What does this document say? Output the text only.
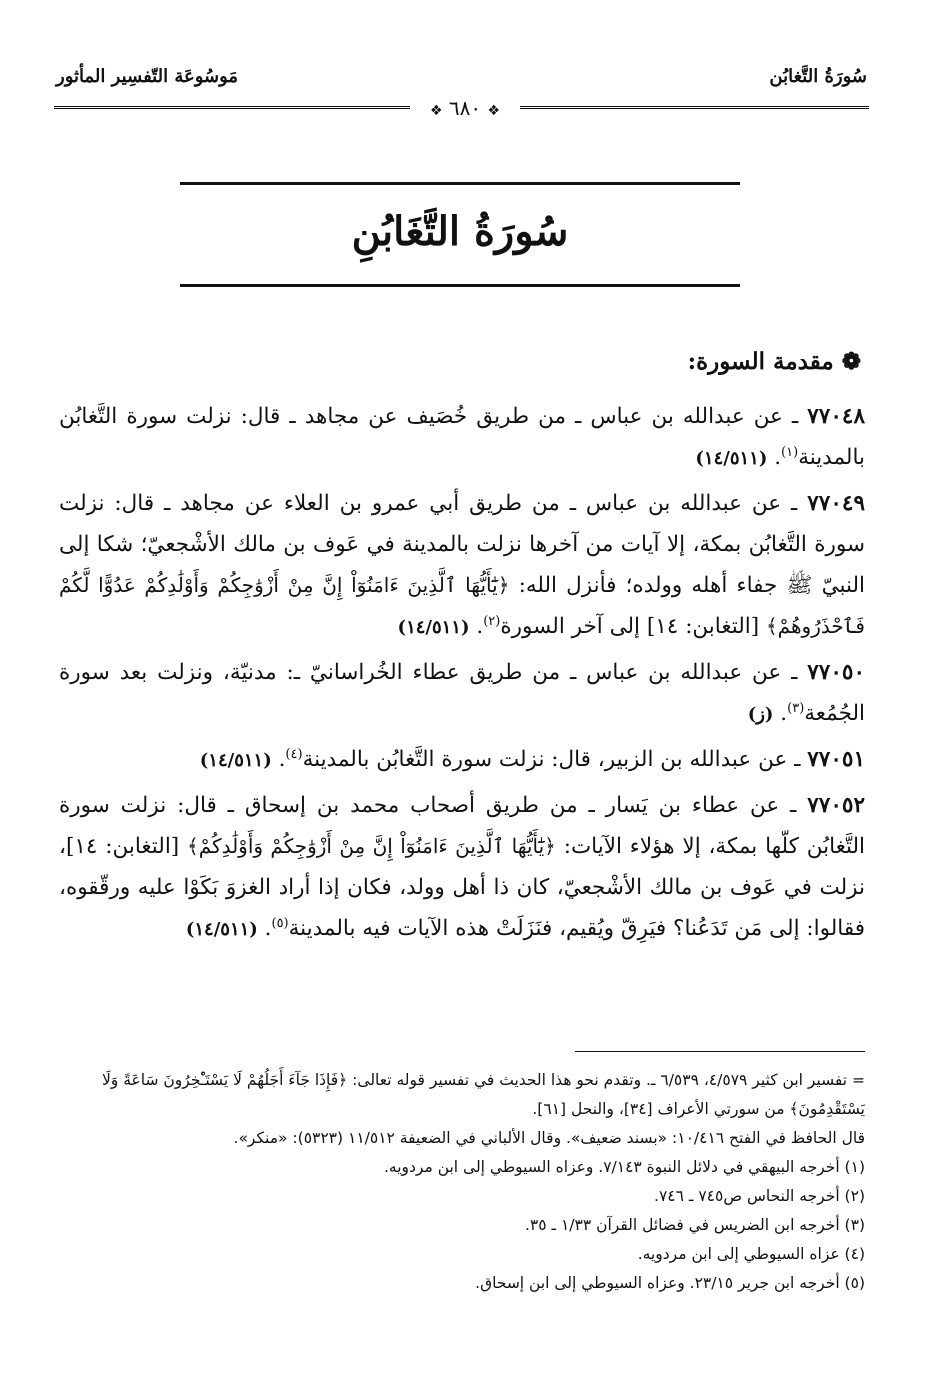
سُورَةُ التَّغابُن
مَوسُوعَة التّفسِير المأثور
❖ ٦٨٠ ❖
سُورَةُ التَّغَابُنِ
❁مقدمة السورة:

٧٧٠٤٨ ـ عن عبدالله بن عباس ـ من طريق خُصَيف عن مجاهد ـ قال: نزلت سورة التَّغابُن بالمدينة$^{(١)}$. (١٤/٥١١)

٧٧٠٤٩ ـ عن عبدالله بن عباس ـ من طريق أبي عمرو بن العلاء عن مجاهد ـ قال: نزلت سورة التَّغابُن بمكة، إلا آيات من آخرها نزلت بالمدينة في عَوف بن مالك الأشْجعيّ؛ شكا إلى النبيّ ﷺ جفاء أهله وولده؛ فأنزل الله: ﴿يَٰٓأَيُّهَا ٱلَّذِينَ ءَامَنُوٓاْ إِنَّ مِنْ أَزْوَٰجِكُمْ وَأَوْلَٰدِكُمْ عَدُوًّا لَّكُمْ فَٱحْذَرُوهُمْ﴾ [التغابن: ١٤] إلى آخر السورة$^{(٢)}$. (١٤/٥١١)

٧٧٠٥٠ ـ عن عبدالله بن عباس ـ من طريق عطاء الخُراسانيّ ـ: مدنيّة، ونزلت بعد سورة الجُمُعة$^{(٣)}$. (ز)

٧٧٠٥١ ـ عن عبدالله بن الزبير، قال: نزلت سورة التَّغابُن بالمدينة$^{(٤)}$. (١٤/٥١١)

٧٧٠٥٢ ـ عن عطاء بن يَسار ـ من طريق أصحاب محمد بن إسحاق ـ قال: نزلت سورة التَّغابُن كلّها بمكة، إلا هؤلاء الآيات: ﴿يَٰٓأَيُّهَا ٱلَّذِينَ ءَامَنُوٓاْ إِنَّ مِنْ أَزْوَٰجِكُمْ وَأَوْلَٰدِكُمْ﴾ [التغابن: ١٤]، نزلت في عَوف بن مالك الأشْجعيّ، كان ذا أهل وولد، فكان إذا أراد الغزوَ بَكَوْا عليه ورقّقوه، فقالوا: إلى مَن تَدَعُنا؟ فيَرِقّ ويُقيم، فنَزَلَتْ هذه الآيات فيه بالمدينة$^{(٥)}$. (١٤/٥١١)

= تفسير ابن كثير ٤/٥٧٩، ٦/٥٣٩ ـ. وتقدم نحو هذا الحديث في تفسير قوله تعالى: ﴿فَإِذَا جَآءَ أَجَلُهُمْ لَا يَسْتَـْٔخِرُونَ سَاعَةً وَلَا يَسْتَقْدِمُونَ﴾ من سورتي الأعراف [٣٤]، والنحل [٦١].
قال الحافظ في الفتح ١٠/٤١٦: «بسند ضعيف». وقال الألباني في الضعيفة ١١/٥١٢ (٥٣٢٣): «منكر».
(١) أخرجه البيهقي في دلائل النبوة ٧/١٤٣. وعزاه السيوطي إلى ابن مردويه.
(٢) أخرجه النحاس ص٧٤٥ ـ ٧٤٦.
(٣) أخرجه ابن الضريس في فضائل القرآن ١/٣٣ ـ ٣٥.
(٤) عزاه السيوطي إلى ابن مردويه.
(٥) أخرجه ابن جرير ٢٣/١٥. وعزاه السيوطي إلى ابن إسحاق.
